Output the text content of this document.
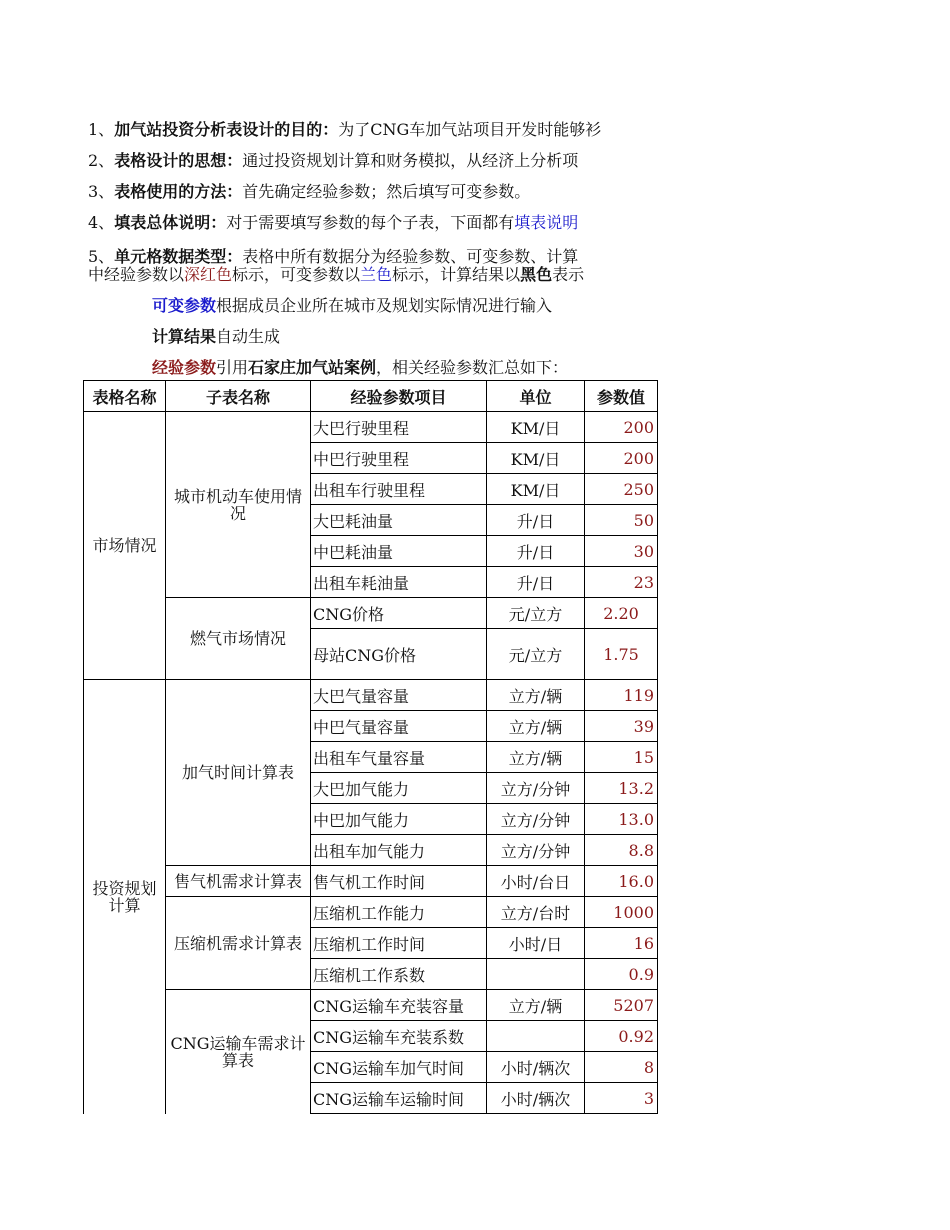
1、加气站投资分析表设计的目的：为了CNG车加气站项目开发时能够衫
2、表格设计的思想：通过投资规划计算和财务模拟，从经济上分析项
3、表格使用的方法：首先确定经验参数；然后填写可变参数。
4、填表总体说明：对于需要填写参数的每个子表，下面都有填表说明
5、单元格数据类型：表格中所有数据分为经验参数、可变参数、计算
中经验参数以深红色标示，可变参数以兰色标示，计算结果以黑色表示
可变参数根据成员企业所在城市及规划实际情况进行输入
计算结果自动生成
经验参数引用石家庄加气站案例，相关经验参数汇总如下：
表格名称	子表名称	经验参数项目	单位	参数值
市场情况	城市机动车使用情况	大巴行驶里程	KM/日	200
		中巴行驶里程	KM/日	200
		出租车行驶里程	KM/日	250
		大巴耗油量	升/日	50
		中巴耗油量	升/日	30
		出租车耗油量	升/日	23
	燃气市场情况	CNG价格	元/立方	2.20
		母站CNG价格	元/立方	1.75
投资规划计算	加气时间计算表	大巴气量容量	立方/辆	119
		中巴气量容量	立方/辆	39
		出租车气量容量	立方/辆	15
		大巴加气能力	立方/分钟	13.2
		中巴加气能力	立方/分钟	13.0
		出租车加气能力	立方/分钟	8.8
	售气机需求计算表	售气机工作时间	小时/台日	16.0
	压缩机需求计算表	压缩机工作能力	立方/台时	1000
		压缩机工作时间	小时/日	16
		压缩机工作系数		0.9
	CNG运输车需求计算表	CNG运输车充装容量	立方/辆	5207
		CNG运输车充装系数		0.92
		CNG运输车加气时间	小时/辆次	8
		CNG运输车运输时间	小时/辆次	3
